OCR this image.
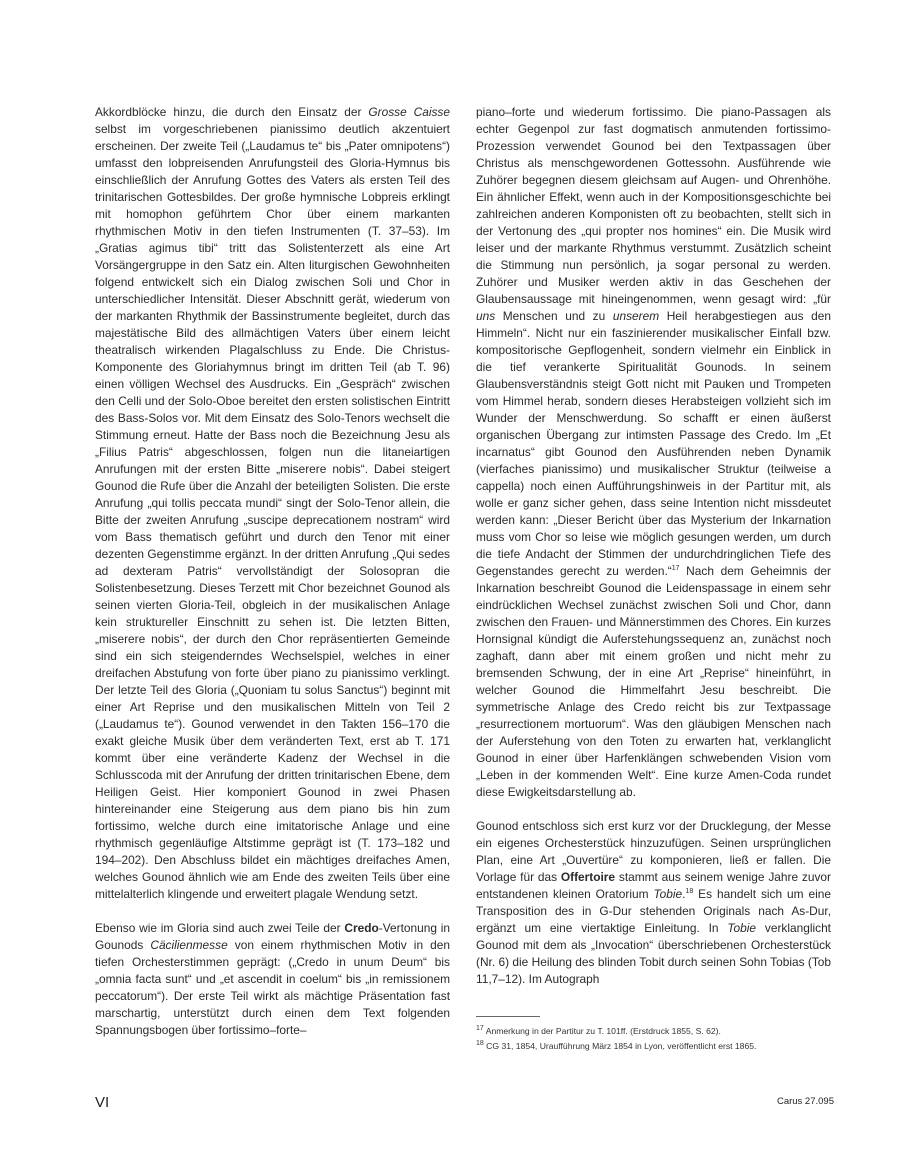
Akkordblöcke hinzu, die durch den Einsatz der Grosse Caisse selbst im vorgeschriebenen pianissimo deutlich akzentuiert erscheinen. Der zweite Teil („Laudamus te“ bis „Pater omnipotens“) umfasst den lobpreisenden Anrufungsteil des Gloria-Hymnus bis einschließlich der Anrufung Gottes des Vaters als ersten Teil des trinitarischen Gottesbildes. Der große hymnische Lobpreis erklingt mit homophon geführtem Chor über einem markanten rhythmischen Motiv in den tiefen Instrumenten (T. 37–53). Im „Gratias agimus tibi“ tritt das Solistenterzett als eine Art Vorsängergruppe in den Satz ein. Alten liturgischen Gewohnheiten folgend entwickelt sich ein Dialog zwischen Soli und Chor in unterschiedlicher Intensität. Dieser Abschnitt gerät, wiederum von der markanten Rhythmik der Bassinstrumente begleitet, durch das majestätische Bild des allmächtigen Vaters über einem leicht theatralisch wirkenden Plagalschluss zu Ende. Die Christus-Komponente des Gloriahymnus bringt im dritten Teil (ab T. 96) einen völligen Wechsel des Ausdrucks. Ein „Gespräch“ zwischen den Celli und der Solo-Oboe bereitet den ersten solistischen Eintritt des Bass-Solos vor. Mit dem Einsatz des Solo-Tenors wechselt die Stimmung erneut. Hatte der Bass noch die Bezeichnung Jesu als „Filius Patris“ abgeschlossen, folgen nun die litaneiartigen Anrufungen mit der ersten Bitte „miserere nobis“. Dabei steigert Gounod die Rufe über die Anzahl der beteiligten Solisten. Die erste Anrufung „qui tollis peccata mundi“ singt der Solo-Tenor allein, die Bitte der zweiten Anrufung „suscipe deprecationem nostram“ wird vom Bass thematisch geführt und durch den Tenor mit einer dezenten Gegenstimme ergänzt. In der dritten Anrufung „Qui sedes ad dexteram Patris“ vervollständigt der Solosopran die Solistenbesetzung. Dieses Terzett mit Chor bezeichnet Gounod als seinen vierten Gloria-Teil, obgleich in der musikalischen Anlage kein struktureller Einschnitt zu sehen ist. Die letzten Bitten, „miserere nobis“, der durch den Chor repräsentierten Gemeinde sind ein sich steigenderndes Wechselspiel, welches in einer dreifachen Abstufung von forte über piano zu pianissimo verklingt. Der letzte Teil des Gloria („Quoniam tu solus Sanctus“) beginnt mit einer Art Reprise und den musikalischen Mitteln von Teil 2 („Laudamus te“). Gounod verwendet in den Takten 156–170 die exakt gleiche Musik über dem veränderten Text, erst ab T. 171 kommt über eine veränderte Kadenz der Wechsel in die Schlusscoda mit der Anrufung der dritten trinitarischen Ebene, dem Heiligen Geist. Hier komponiert Gounod in zwei Phasen hintereinander eine Steigerung aus dem piano bis hin zum fortissimo, welche durch eine imitatorische Anlage und eine rhythmisch gegenläufige Altstimme geprägt ist (T. 173–182 und 194–202). Den Abschluss bildet ein mächtiges dreifaches Amen, welches Gounod ähnlich wie am Ende des zweiten Teils über eine mittelalterlich klingende und erweitert plagale Wendung setzt.

Ebenso wie im Gloria sind auch zwei Teile der Credo-Vertonung in Gounods Cäcilienmesse von einem rhythmischen Motiv in den tiefen Orchesterstimmen geprägt: („Credo in unum Deum“ bis „omnia facta sunt“ und „et ascendit in coelum“ bis „in remissionem peccatorum“). Der erste Teil wirkt als mächtige Präsentation fast marschartig, unterstützt durch einen dem Text folgenden Spannungsbogen über fortissimo–forte–

piano–forte und wiederum fortissimo. Die piano-Passagen als echter Gegenpol zur fast dogmatisch anmutenden fortissimo-Prozession verwendet Gounod bei den Textpassagen über Christus als menschgewordenen Gottessohn. Ausführende wie Zuhörer begegnen diesem gleichsam auf Augen- und Ohrenhöhe. Ein ähnlicher Effekt, wenn auch in der Kompositionsgeschichte bei zahlreichen anderen Komponisten oft zu beobachten, stellt sich in der Vertonung des „qui propter nos homines“ ein. Die Musik wird leiser und der markante Rhythmus verstummt. Zusätzlich scheint die Stimmung nun persönlich, ja sogar personal zu werden. Zuhörer und Musiker werden aktiv in das Geschehen der Glaubensaussage mit hineingenommen, wenn gesagt wird: „für uns Menschen und zu unserem Heil herabgestiegen aus den Himmeln“. Nicht nur ein faszinierender musikalischer Einfall bzw. kompositorische Gepflogenheit, sondern vielmehr ein Einblick in die tief verankerte Spiritualität Gounods. In seinem Glaubensverständnis steigt Gott nicht mit Pauken und Trompeten vom Himmel herab, sondern dieses Herabsteigen vollzieht sich im Wunder der Menschwerdung. So schafft er einen äußerst organischen Übergang zur intimsten Passage des Credo. Im „Et incarnatus“ gibt Gounod den Ausführenden neben Dynamik (vierfaches pianissimo) und musikalischer Struktur (teilweise a cappella) noch einen Aufführungshinweis in der Partitur mit, als wolle er ganz sicher gehen, dass seine Intention nicht missdeutet werden kann: „Dieser Bericht über das Mysterium der Inkarnation muss vom Chor so leise wie möglich gesungen werden, um durch die tiefe Andacht der Stimmen der undurchdringlichen Tiefe des Gegenstandes gerecht zu werden.“$^{17}$ Nach dem Geheimnis der Inkarnation beschreibt Gounod die Leidenspassage in einem sehr eindrücklichen Wechsel zunächst zwischen Soli und Chor, dann zwischen den Frauen- und Männerstimmen des Chores. Ein kurzes Hornsignal kündigt die Auferstehungssequenz an, zunächst noch zaghaft, dann aber mit einem großen und nicht mehr zu bremsenden Schwung, der in eine Art „Reprise“ hineinführt, in welcher Gounod die Himmelfahrt Jesu beschreibt. Die symmetrische Anlage des Credo reicht bis zur Textpassage „resurrectionem mortuorum“. Was den gläubigen Menschen nach der Auferstehung von den Toten zu erwarten hat, verklanglicht Gounod in einer über Harfenklängen schwebenden Vision vom „Leben in der kommenden Welt“. Eine kurze Amen-Coda rundet diese Ewigkeitsdarstellung ab.

Gounod entschloss sich erst kurz vor der Drucklegung, der Messe ein eigenes Orchesterstück hinzuzufügen. Seinen ursprünglichen Plan, eine Art „Ouvertüre“ zu komponieren, ließ er fallen. Die Vorlage für das Offertoire stammt aus seinem wenige Jahre zuvor entstandenen kleinen Oratorium Tobie.$^{18}$ Es handelt sich um eine Transposition des in G-Dur stehenden Originals nach As-Dur, ergänzt um eine viertaktige Einleitung. In Tobie verklanglicht Gounod mit dem als „Invocation“ überschriebenen Orchesterstück (Nr. 6) die Heilung des blinden Tobit durch seinen Sohn Tobias (Tob 11,7–12). Im Autograph

$^{17}$ Anmerkung in der Partitur zu T. 101ff. (Erstdruck 1855, S. 62).
$^{18}$ CG 31, 1854, Uraufführung März 1854 in Lyon, veröffentlicht erst 1865.
VI	Carus 27.095
